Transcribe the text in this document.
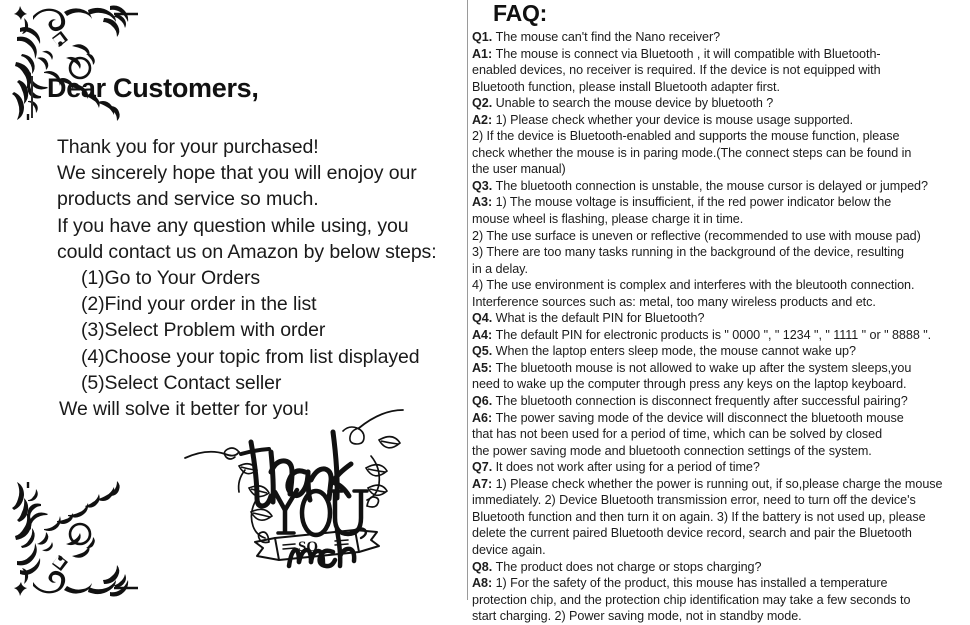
Dear Customers,
Thank you for your purchased!
We sincerely hope that you will enojoy our
products and service so much.
If you have any question while using, you
could contact us on Amazon by below steps:
(1)Go to Your Orders
(2)Find your order in the list
(3)Select Problem with order
(4)Choose your topic from list displayed
(5)Select Contact seller
We will solve it better for you!
SO
FAQ:
Q1. The mouse can't find the Nano receiver?
A1: The mouse is connect via Bluetooth , it will compatible with Bluetooth-
enabled devices, no receiver is required. If the device is not equipped with
Bluetooth function, please install Bluetooth adapter first.
Q2. Unable to search the mouse device by bluetooth ?
A2: 1) Please check whether your device is mouse usage supported.
2) If the device is Bluetooth-enabled and supports the mouse function, please
check whether the mouse is in paring mode.(The connect steps can be found in
the user manual)
Q3. The bluetooth connection is unstable, the mouse cursor is delayed or jumped?
A3: 1) The mouse voltage is insufficient, if the red power indicator below the
mouse wheel is flashing, please charge it in time.
2) The use surface is uneven or reflective (recommended to use with mouse pad)
3) There are too many tasks running in the background of the device, resulting
in a delay.
4) The use environment is complex and interferes with the bleutooth connection.
Interference sources such as: metal, too many wireless products and etc.
Q4. What is the default PIN for Bluetooth?
A4: The default PIN for electronic products is " 0000 ", " 1234 ", " 1111 " or " 8888 ".
Q5. When the laptop enters sleep mode, the mouse cannot wake up?
A5: The bluetooth mouse is not allowed to wake up after the system sleeps,you
need to wake up the computer through press any keys on the laptop keyboard.
Q6. The bluetooth connection is disconnect frequently after successful pairing?
A6: The power saving mode of the device will disconnect the bluetooth mouse
that has not been used for a period of time, which can be solved by closed
the power saving mode and bluetooth connection settings of the system.
Q7. It does not work after using for a period of time?
A7: 1) Please check whether the power is running out, if so,please charge the mouse
immediately. 2) Device Bluetooth transmission error, need to turn off the device's
Bluetooth function and then turn it on again. 3) If the battery is not used up, please
delete the current paired Bluetooth device record, search and pair the Bluetooth
device again.
Q8. The product does not charge or stops charging?
A8: 1) For the safety of the product, this mouse has installed a temperature
protection chip, and the protection chip identification may take a few seconds to
start charging. 2) Power saving mode, not in standby mode.
